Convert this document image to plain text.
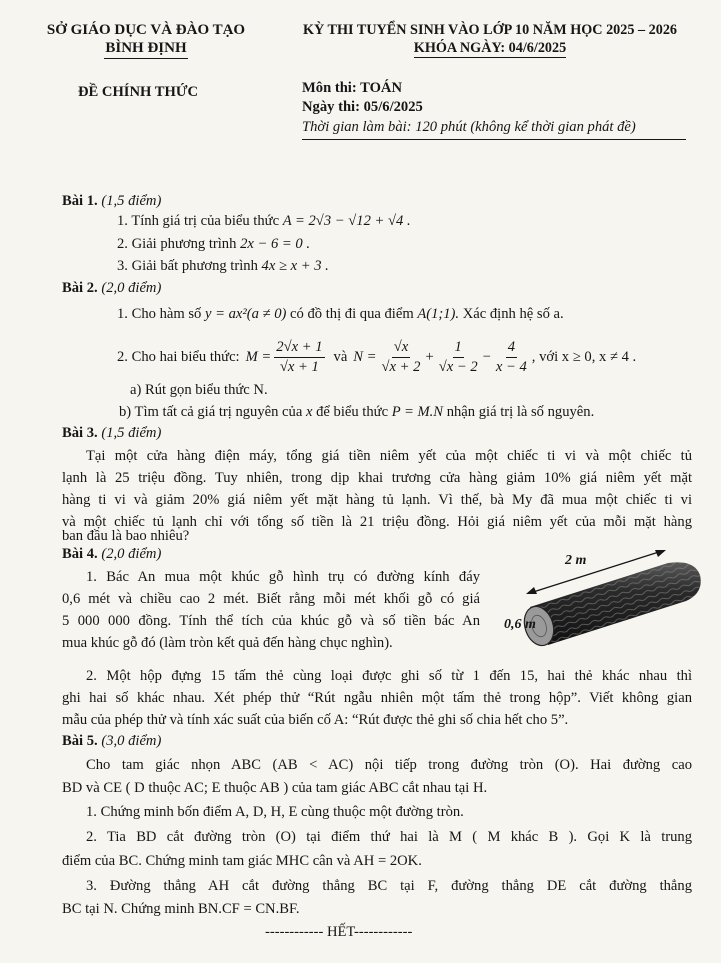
SỞ GIÁO DỤC VÀ ĐÀO TẠO
BÌNH ĐỊNH
KỲ THI TUYỂN SINH VÀO LỚP 10 NĂM HỌC 2025 – 2026
KHÓA NGÀY: 04/6/2025
ĐỀ CHÍNH THỨC	Môn thi: TOÁN
Ngày thi: 05/6/2025
Thời gian làm bài: 120 phút (không kể thời gian phát đề)
Bài 1. (1,5 điểm)
1. Tính giá trị của biểu thức A = 2√3 − √12 + √4 .
2. Giải phương trình 2x − 6 = 0 .
3. Giải bất phương trình 4x ≥ x + 3 .
Bài 2. (2,0 điểm)
1. Cho hàm số y = ax²(a ≠ 0) có đồ thị đi qua điểm A(1;1). Xác định hệ số a.
2. Cho hai biểu thức: $M = \frac{2√x + 1}{√x + 1}$ và $N = \frac{√x}{√x + 2} + \frac{1}{√x - 2} - \frac{4}{x - 4}$ , với x ≥ 0, x ≠ 4 .
a) Rút gọn biểu thức N.
b) Tìm tất cả giá trị nguyên của x để biểu thức P = M.N nhận giá trị là số nguyên.
Bài 3. (1,5 điểm)
Tại một cửa hàng điện máy, tổng giá tiền niêm yết của một chiếc ti vi và một chiếc tủ
lạnh là 25 triệu đồng. Tuy nhiên, trong dịp khai trương cửa hàng giảm 10% giá niêm yết mặt
hàng ti vi và giảm 20% giá niêm yết mặt hàng tủ lạnh. Vì thế, bà My đã mua một chiếc ti vi
và một chiếc tủ lạnh chỉ với tổng số tiền là 21 triệu đồng. Hỏi giá niêm yết của mỗi mặt hàng
ban đầu là bao nhiêu?
Bài 4. (2,0 điểm)
1. Bác An mua một khúc gỗ hình trụ có đường kính đáy
0,6 mét và chiều cao 2 mét. Biết rằng mỗi mét khối gỗ có giá
5 000 000 đồng. Tính thể tích của khúc gỗ và số tiền bác An
mua khúc gỗ đó (làm tròn kết quả đến hàng chục nghìn).
2 m
0,6 m
2. Một hộp đựng 15 tấm thẻ cùng loại được ghi số từ 1 đến 15, hai thẻ khác nhau thì
ghi hai số khác nhau. Xét phép thử “Rút ngẫu nhiên một tấm thẻ trong hộp”. Viết không gian
mẫu của phép thử và tính xác suất của biến cố A: “Rút được thẻ ghi số chia hết cho 5”.
Bài 5. (3,0 điểm)
Cho tam giác nhọn ABC (AB < AC) nội tiếp trong đường tròn (O). Hai đường cao
BD và CE ( D thuộc AC; E thuộc AB ) của tam giác ABC cắt nhau tại H.
1. Chứng minh bốn điểm A, D, H, E cùng thuộc một đường tròn.
2. Tia BD cắt đường tròn (O) tại điểm thứ hai là M ( M khác B ). Gọi K là trung
điểm của BC. Chứng minh tam giác MHC cân và AH = 2OK.
3. Đường thẳng AH cắt đường thẳng BC tại F, đường thẳng DE cắt đường thẳng
BC tại N. Chứng minh BN.CF = CN.BF.
------------ HẾT------------
